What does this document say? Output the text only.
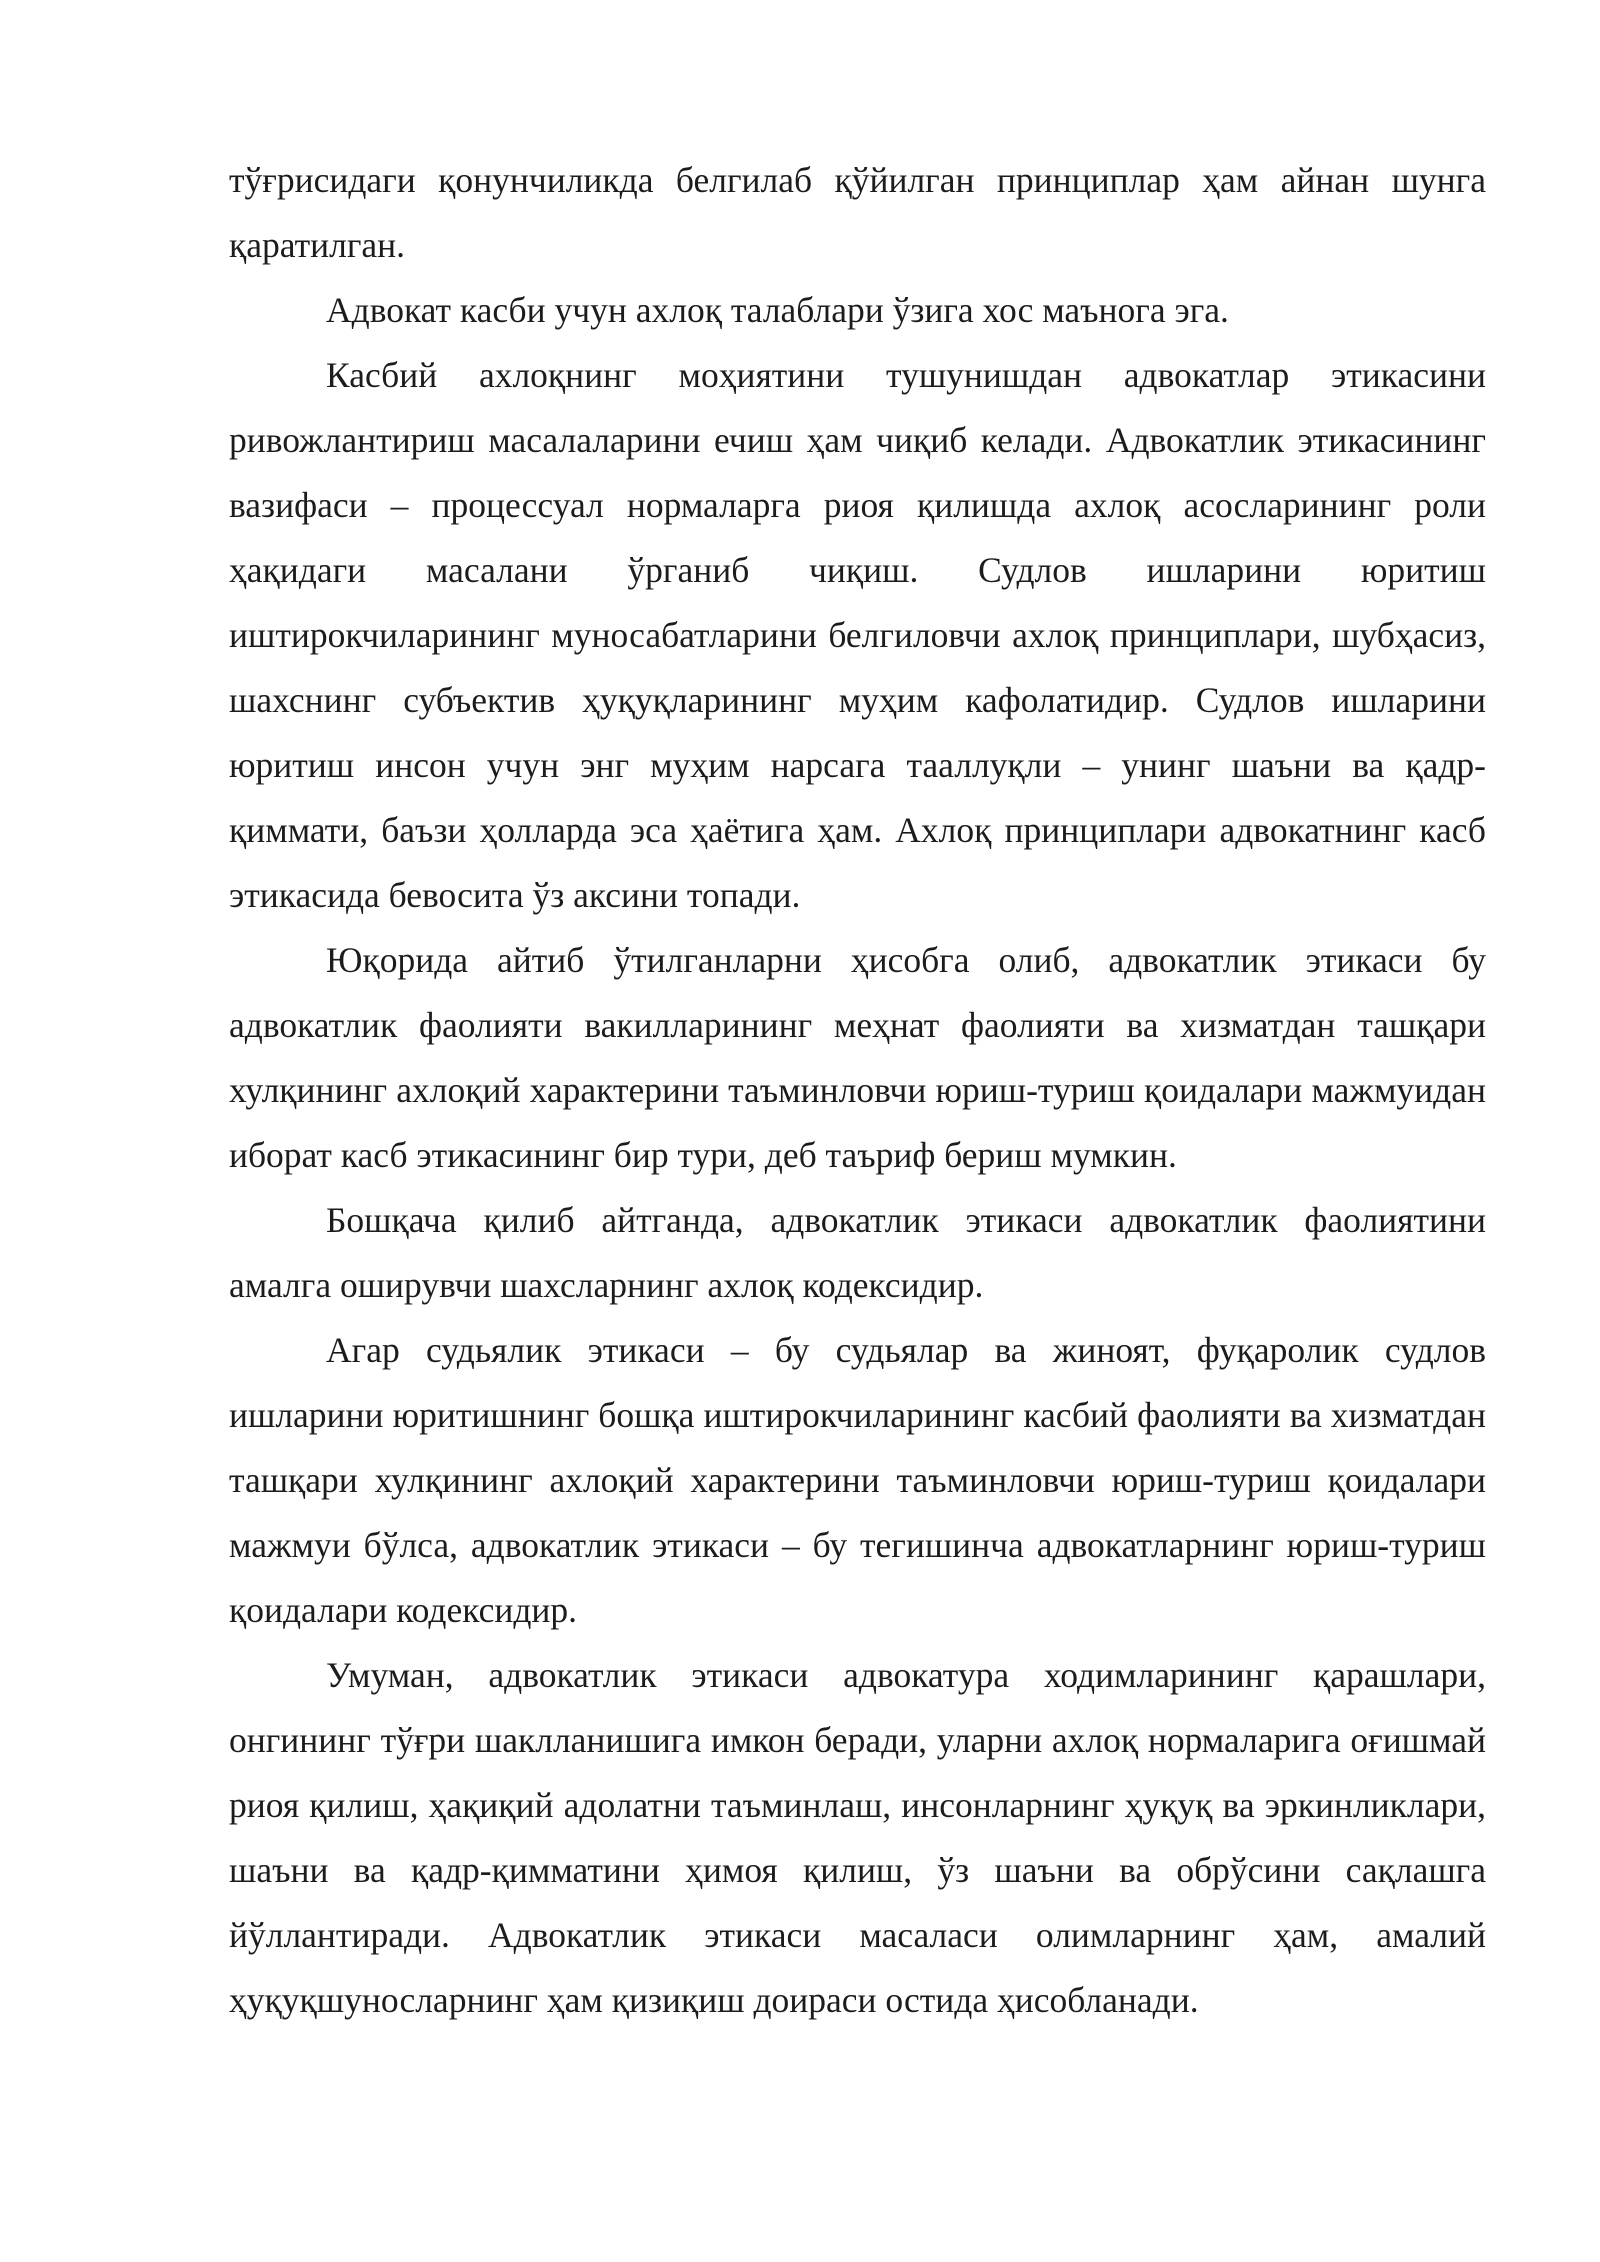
тўғрисидаги қонунчиликда белгилаб қўйилган принциплар ҳам айнан шунга қаратилган.

Адвокат касби учун ахлоқ талаблари ўзига хос маънога эга.

Касбий ахлоқнинг моҳиятини тушунишдан адвокатлар этикасини ривожлантириш масалаларини ечиш ҳам чиқиб келади. Адвокатлик этикасининг вазифаси – процессуал нормаларга риоя қилишда ахлоқ асосларининг роли ҳақидаги масалани ўрганиб чиқиш. Судлов ишларини юритиш иштирокчиларининг муносабатларини белгиловчи ахлоқ принциплари, шубҳасиз, шахснинг субъектив ҳуқуқларининг муҳим кафолатидир. Судлов ишларини юритиш инсон учун энг муҳим нарсага тааллуқли – унинг шаъни ва қадр-қиммати, баъзи ҳолларда эса ҳаётига ҳам. Ахлоқ принциплари адвокатнинг касб этикасида бевосита ўз аксини топади.

Юқорида айтиб ўтилганларни ҳисобга олиб, адвокатлик этикаси бу адвокатлик фаолияти вакилларининг меҳнат фаолияти ва хизматдан ташқари хулқининг ахлоқий характерини таъминловчи юриш-туриш қоидалари мажмуидан иборат касб этикасининг бир тури, деб таъриф бериш мумкин.

Бошқача қилиб айтганда, адвокатлик этикаси адвокатлик фаолиятини амалга оширувчи шахсларнинг ахлоқ кодексидир.

Агар судьялик этикаси – бу судьялар ва жиноят, фуқаролик судлов ишларини юритишнинг бошқа иштирокчиларининг касбий фаолияти ва хизматдан ташқари хулқининг ахлоқий характерини таъминловчи юриш-туриш қоидалари мажмуи бўлса, адвокатлик этикаси – бу тегишинча адвокатларнинг юриш-туриш қоидалари кодексидир.

Умуман, адвокатлик этикаси адвокатура ходимларининг қарашлари, онгининг тўғри шаклланишига имкон беради, уларни ахлоқ нормаларига оғишмай риоя қилиш, ҳақиқий адолатни таъминлаш, инсонларнинг ҳуқуқ ва эркинликлари, шаъни ва қадр-қимматини ҳимоя қилиш, ўз шаъни ва обрўсини сақлашга йўллантиради. Адвокатлик этикаси масаласи олимларнинг ҳам, амалий ҳуқуқшуносларнинг ҳам қизиқиш доираси остида ҳисобланади.
